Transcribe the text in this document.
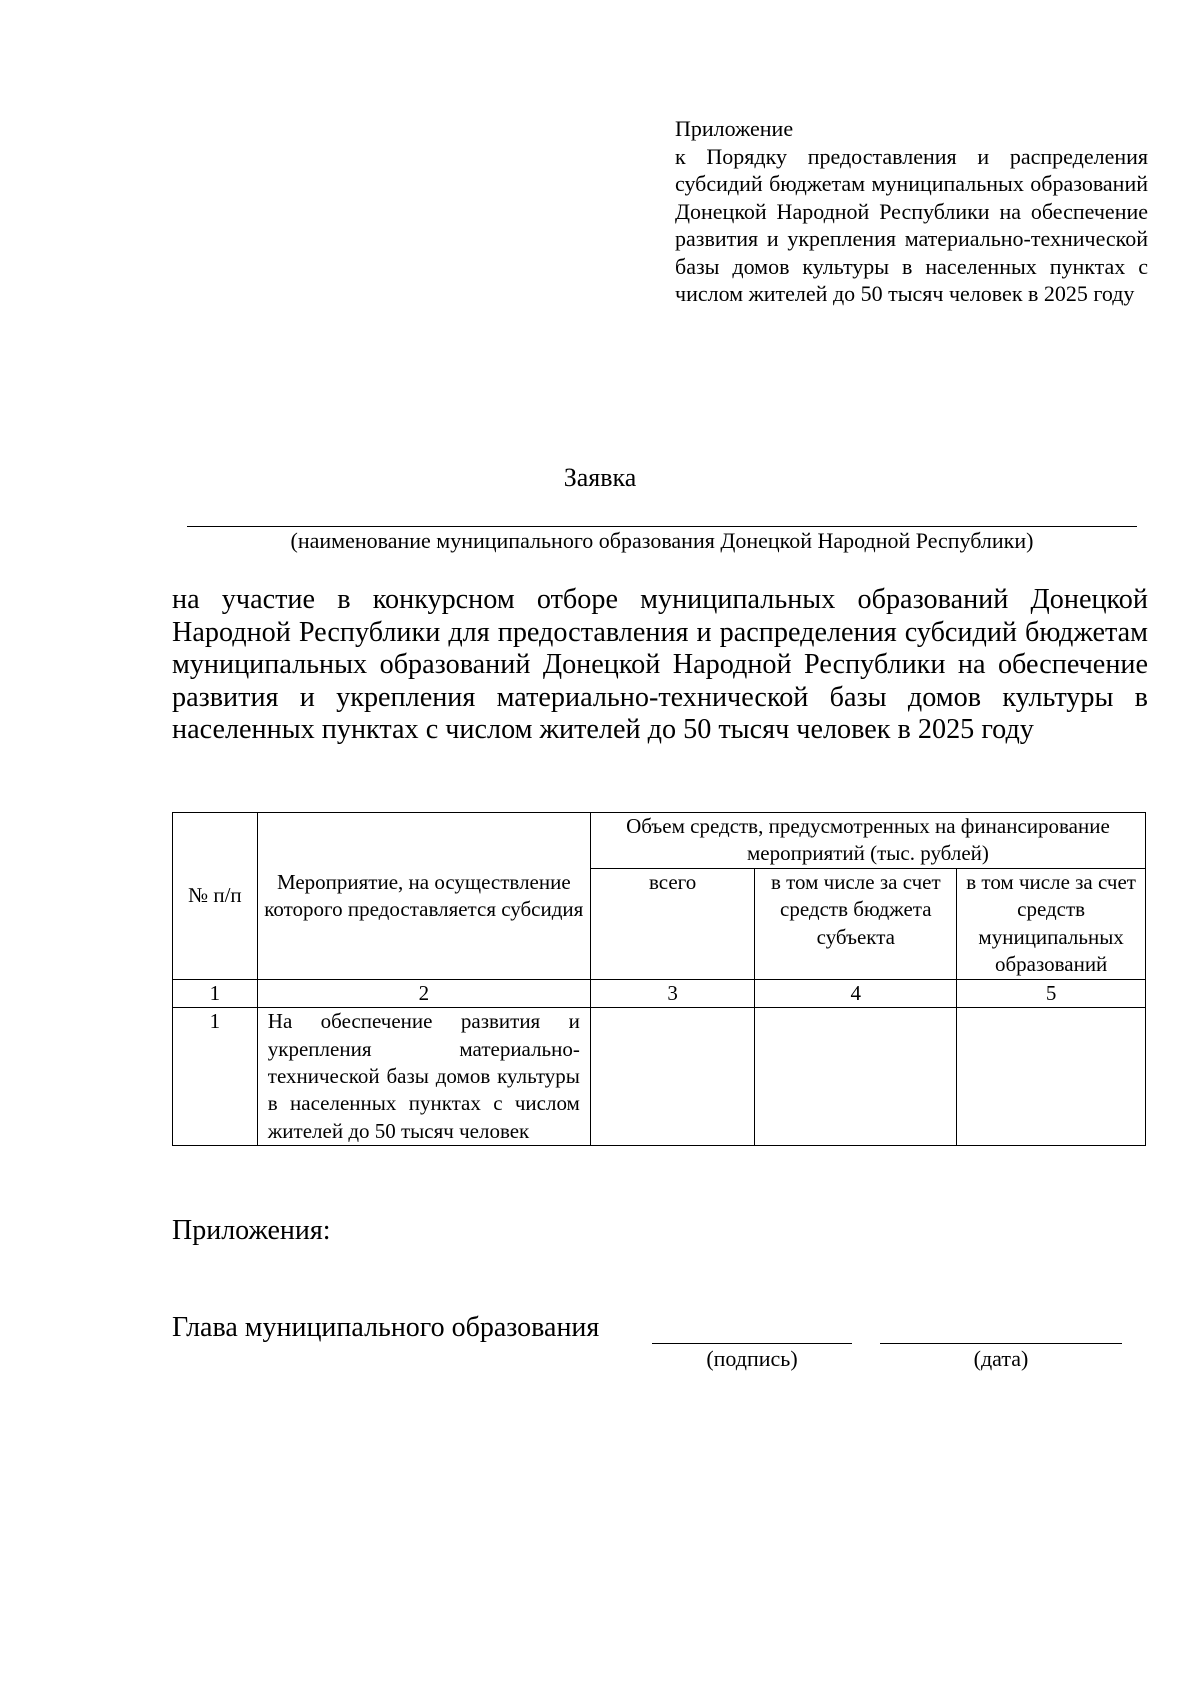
Приложение
к Порядку предоставления и распределения субсидий бюджетам муниципальных образований Донецкой Народной Республики на обеспечение развития и укрепления материально-технической базы домов культуры в населенных пунктах с числом жителей до 50 тысяч человек в 2025 году
Заявка
(наименование муниципального образования Донецкой Народной Республики)
на участие в конкурсном отборе муниципальных образований Донецкой Народной Республики для предоставления и распределения субсидий бюджетам муниципальных образований Донецкой Народной Республики на обеспечение развития и укрепления материально-технической базы домов культуры в населенных пунктах с числом жителей до 50 тысяч человек в 2025 году
№ п/п	Мероприятие, на осуществление которого предоставляется субсидия	Объем средств, предусмотренных на финансирование мероприятий (тыс. рублей)		
		всего	в том числе за счет средств бюджета субъекта	в том числе за счет средств муниципальных образований
1	2	3	4	5
1	На обеспечение развития и укрепления материально-технической базы домов культуры в населенных пунктах с числом жителей до 50 тысяч человек			
Приложения:
Глава муниципального образования
(подпись)	(дата)
